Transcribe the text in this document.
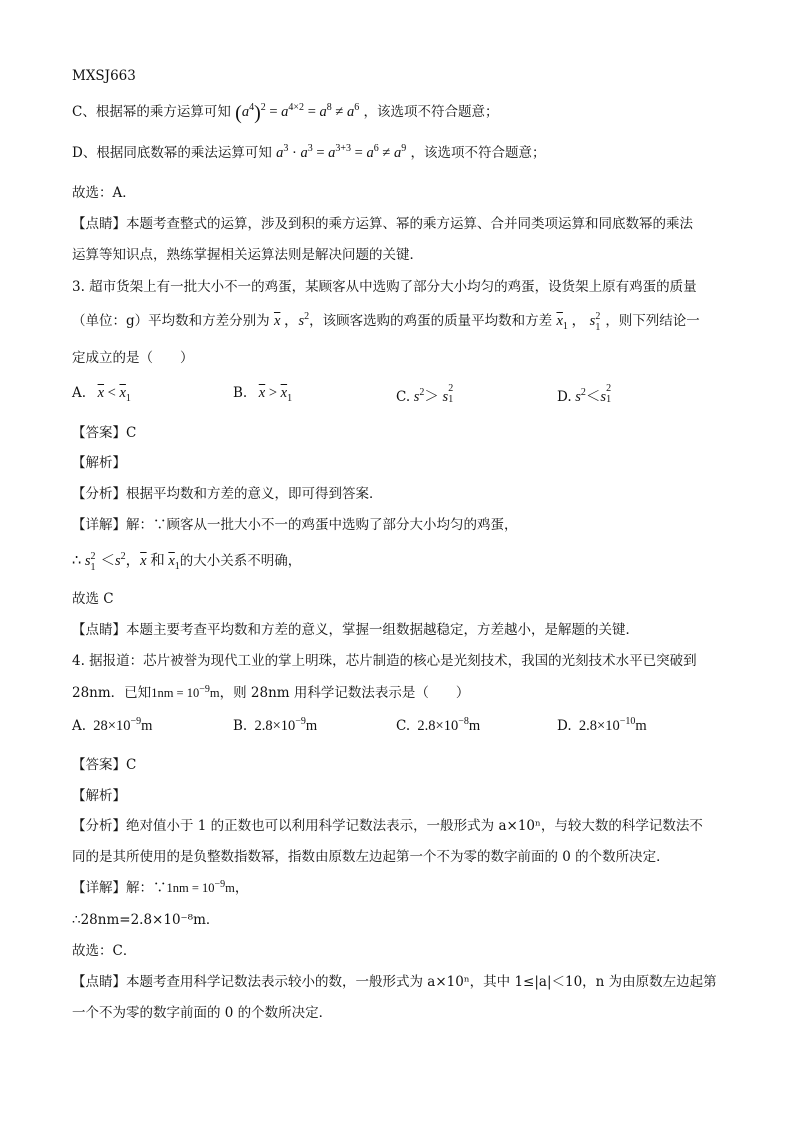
MXSJ663
C、根据幂的乘方运算可知 $(a^4)^2 = a^{4\times 2} = a^8 \ne a^6$ ，该选项不符合题意；
D、根据同底数幂的乘法运算可知 $a^3 \cdot a^3 = a^{3+3} = a^6 \ne a^9$ ，该选项不符合题意；
故选：A．
【点睛】本题考查整式的运算，涉及到积的乘方运算、幂的乘方运算、合并同类项运算和同底数幂的乘法
运算等知识点，熟练掌握相关运算法则是解决问题的关键．
3. 超市货架上有一批大小不一的鸡蛋，某顾客从中选购了部分大小均匀的鸡蛋，设货架上原有鸡蛋的质量
（单位：g）平均数和方差分别为 $\overline{x}$ ，$s^2$，该顾客选购的鸡蛋的质量平均数和方差 $\overline{x}_1$ ， s 2
1 ，则下列结论一
定成立的是（　　）
A. $\overline{x} < \overline{x}_1$	B. $\overline{x} > \overline{x}_1$	C. $s^2> s$
2
1	D. $s^2<s$
2
1
【答案】C
【解析】
【分析】根据平均数和方差的意义，即可得到答案．
【详解】解：∵顾客从一批大小不一的鸡蛋中选购了部分大小均匀的鸡蛋，
∴ s 2
$1 <s^2$，$\overline{x}$ 和 $\overline{x}_1$的大小关系不明确，
故选 C
【点睛】本题主要考查平均数和方差的意义，掌握一组数据越稳定，方差越小，是解题的关键．
4. 据报道：芯片被誉为现代工业的掌上明珠，芯片制造的核心是光刻技术，我国的光刻技术水平已突破到
28nm．已知$1nm = 10^{-9}m$，则 28nm 用科学记数法表示是（　　）
A.  $28\times 10^{-9}m$	B.  $2.8\times 10^{-9}m$	C.  $2.8\times 10^{-8}m$	D.  $2.8\times 10^{-10}m$
【答案】C
【解析】
【分析】绝对值小于 1 的正数也可以利用科学记数法表示，一般形式为 a×10ⁿ，与较大数的科学记数法不
同的是其所使用的是负整数指数幂，指数由原数左边起第一个不为零的数字前面的 0 的个数所决定．
【详解】解：∵1nm = $10^{-9}m$，
∴28nm=2.8×10⁻⁸m．
故选：C．
【点睛】本题考查用科学记数法表示较小的数，一般形式为 a×10ⁿ，其中 1≤|a|＜10，n 为由原数左边起第
一个不为零的数字前面的 0 的个数所决定．
